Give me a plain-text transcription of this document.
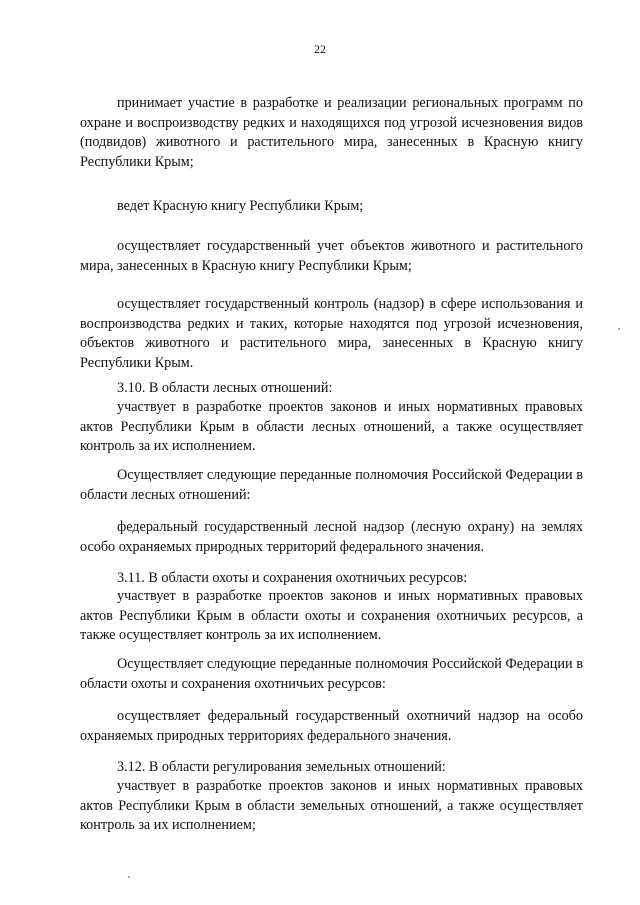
22

принимает участие в разработке и реализации региональных программ по охране и воспроизводству редких и находящихся под угрозой исчезновения видов (подвидов) животного и растительного мира, занесенных в Красную книгу Республики Крым;

ведет Красную книгу Республики Крым;

осуществляет государственный учет объектов животного и растительного мира, занесенных в Красную книгу Республики Крым;

осуществляет государственный контроль (надзор) в сфере использования и воспроизводства редких и таких, которые находятся под угрозой исчезновения, объектов животного и растительного мира, занесенных в Красную книгу Республики Крым.

3.10. В области лесных отношений:

участвует в разработке проектов законов и иных нормативных правовых актов Республики Крым в области лесных отношений, а также осуществляет контроль за их исполнением.

Осуществляет следующие переданные полномочия Российской Федерации в области лесных отношений:

федеральный государственный лесной надзор (лесную охрану) на землях особо охраняемых природных территорий федерального значения.

3.11. В области охоты и сохранения охотничьих ресурсов:

участвует в разработке проектов законов и иных нормативных правовых актов Республики Крым в области охоты и сохранения охотничьих ресурсов, а также осуществляет контроль за их исполнением.

Осуществляет следующие переданные полномочия Российской Федерации в области охоты и сохранения охотничьих ресурсов:

осуществляет федеральный государственный охотничий надзор на особо охраняемых природных территориях федерального значения.

3.12. В области регулирования земельных отношений:

участвует в разработке проектов законов и иных нормативных правовых актов Республики Крым в области земельных отношений, а также осуществляет контроль за их исполнением;
